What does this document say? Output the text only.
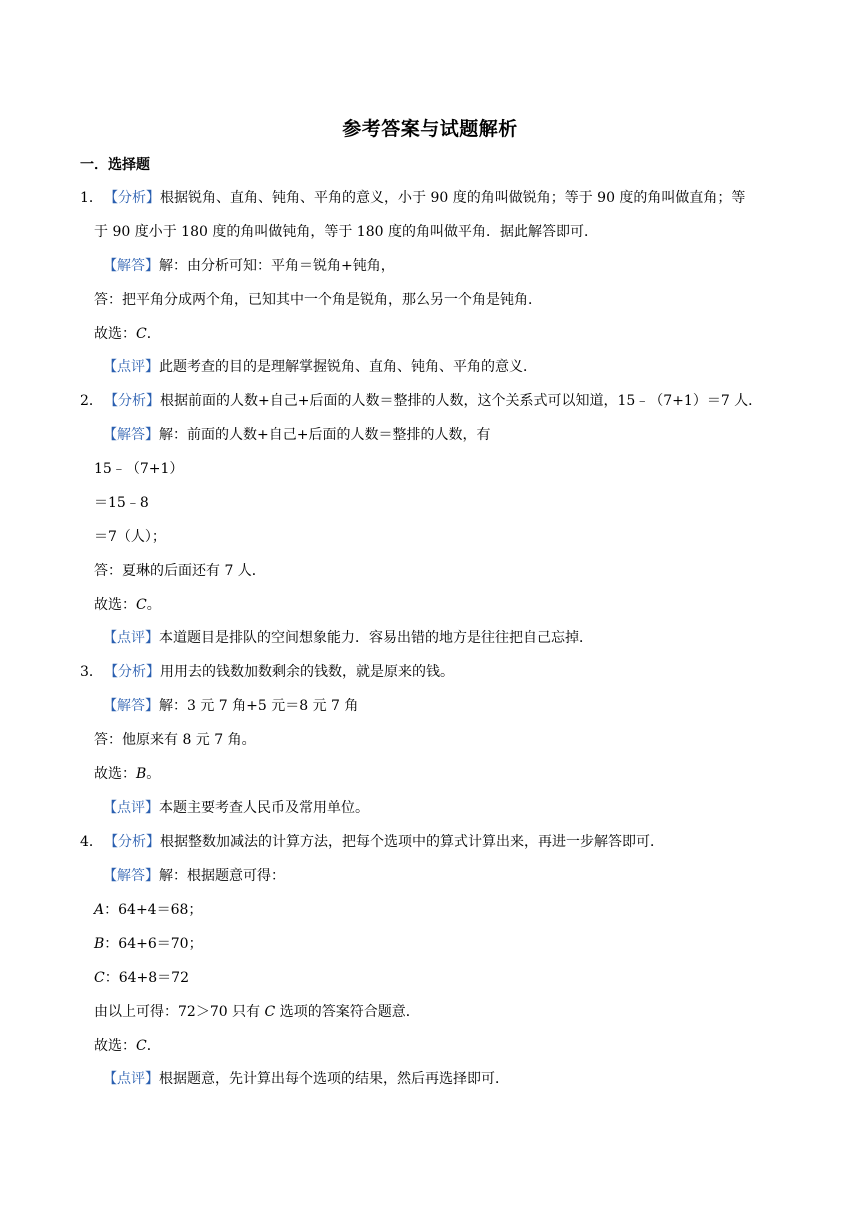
参考答案与试题解析
一．选择题
1． 【分析】根据锐角、直角、钝角、平角的意义，小于 90 度的角叫做锐角；等于 90 度的角叫做直角；等
于 90 度小于 180 度的角叫做钝角，等于 180 度的角叫做平角．据此解答即可．
【解答】解：由分析可知：平角＝锐角+钝角，
答：把平角分成两个角，已知其中一个角是锐角，那么另一个角是钝角．
故选：C．
【点评】此题考查的目的是理解掌握锐角、直角、钝角、平角的意义．
2． 【分析】根据前面的人数+自己+后面的人数＝整排的人数，这个关系式可以知道，15﹣（7+1）＝7 人．
【解答】解：前面的人数+自己+后面的人数＝整排的人数，有
15﹣（7+1）
＝15﹣8
＝7（人）；
答：夏琳的后面还有 7 人．
故选：C。
【点评】本道题目是排队的空间想象能力．容易出错的地方是往往把自己忘掉．
3． 【分析】用用去的钱数加数剩余的钱数，就是原来的钱。
【解答】解：3 元 7 角+5 元＝8 元 7 角
答：他原来有 8 元 7 角。
故选：B。
【点评】本题主要考查人民币及常用单位。
4． 【分析】根据整数加减法的计算方法，把每个选项中的算式计算出来，再进一步解答即可．
【解答】解：根据题意可得：
A：64+4＝68；
B：64+6＝70；
C：64+8＝72
由以上可得：72＞70 只有 C 选项的答案符合题意．
故选：C．
【点评】根据题意，先计算出每个选项的结果，然后再选择即可．
